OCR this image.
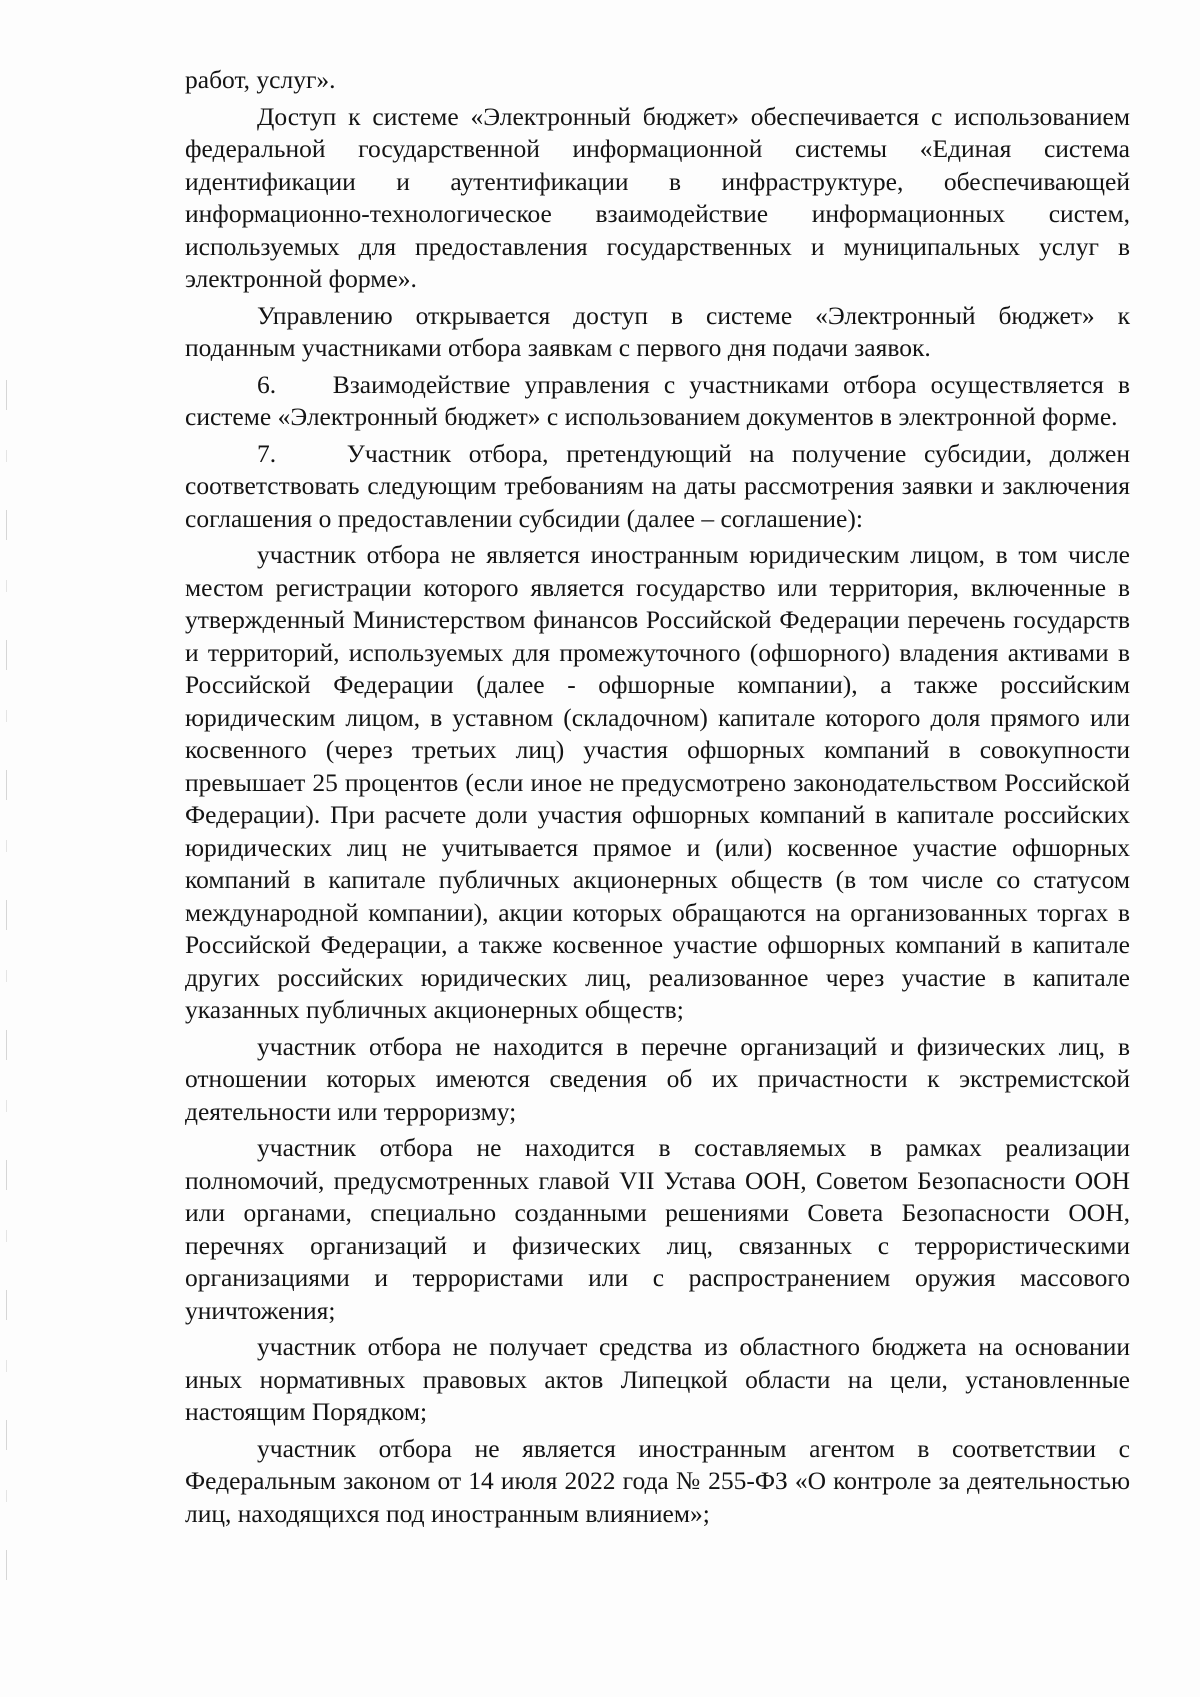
работ, услуг».

Доступ к системе «Электронный бюджет» обеспечивается с использованием федеральной государственной информационной системы «Единая система идентификации и аутентификации в инфраструктуре, обеспечивающей информационно-технологическое взаимодействие информационных систем, используемых для предоставления государственных и муниципальных услуг в электронной форме».

Управлению открывается доступ в системе «Электронный бюджет» к поданным участниками отбора заявкам с первого дня подачи заявок.

6.    Взаимодействие управления с участниками отбора осуществляется в системе «Электронный бюджет» с использованием документов в электронной форме.

7.    Участник отбора, претендующий на получение субсидии, должен соответствовать следующим требованиям на даты рассмотрения заявки и заключения соглашения о предоставлении субсидии (далее – соглашение):

участник отбора не является иностранным юридическим лицом, в том числе местом регистрации которого является государство или территория, включенные в утвержденный Министерством финансов Российской Федерации перечень государств и территорий, используемых для промежуточного (офшорного) владения активами в Российской Федерации (далее - офшорные компании), а также российским юридическим лицом, в уставном (складочном) капитале которого доля прямого или косвенного (через третьих лиц) участия офшорных компаний в совокупности превышает 25 процентов (если иное не предусмотрено законодательством Российской Федерации). При расчете доли участия офшорных компаний в капитале российских юридических лиц не учитывается прямое и (или) косвенное участие офшорных компаний в капитале публичных акционерных обществ (в том числе со статусом международной компании), акции которых обращаются на организованных торгах в Российской Федерации, а также косвенное участие офшорных компаний в капитале других российских юридических лиц, реализованное через участие в капитале указанных публичных акционерных обществ;

участник отбора не находится в перечне организаций и физических лиц, в отношении которых имеются сведения об их причастности к экстремистской деятельности или терроризму;

участник отбора не находится в составляемых в рамках реализации полномочий, предусмотренных главой VII Устава ООН, Советом Безопасности ООН или органами, специально созданными решениями Совета Безопасности ООН, перечнях организаций и физических лиц, связанных с террористическими организациями и террористами или с распространением оружия массового уничтожения;

участник отбора не получает средства из областного бюджета на основании иных нормативных правовых актов Липецкой области на цели, установленные настоящим Порядком;

участник отбора не является иностранным агентом в соответствии с Федеральным законом от 14 июля 2022 года № 255-ФЗ «О контроле за деятельностью лиц, находящихся под иностранным влиянием»;
